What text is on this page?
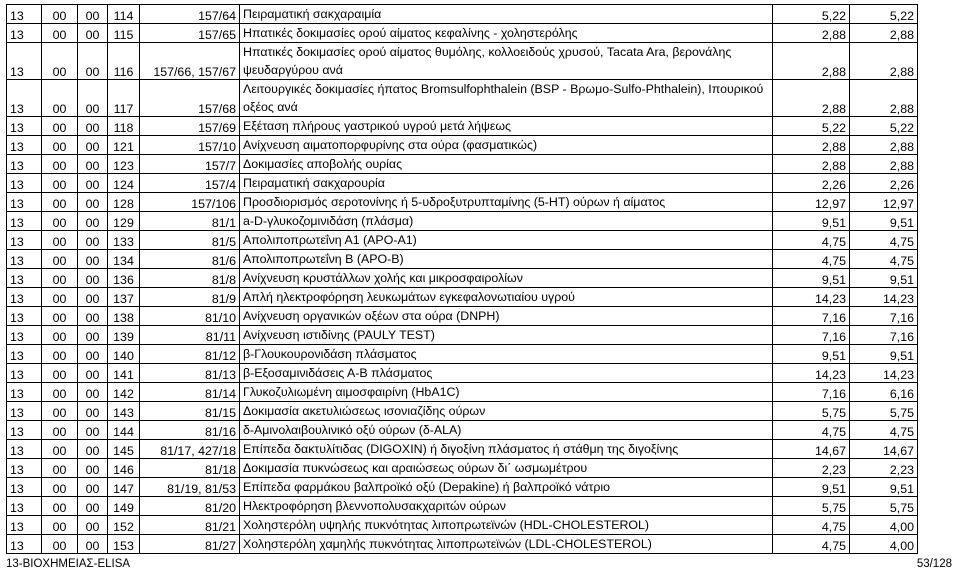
13	00	00	114	157/64	Πειραματική σακχαραιμία	5,22	5,22
13	00	00	115	157/65	Ηπατικές δοκιμασίες ορού αίματος κεφαλίνης - χοληστερόλης	2,88	2,88
13	00	00	116	157/66, 157/67	Ηπατικές δοκιμασίες ορού αίματος θυμόλης, κολλοειδούς χρυσού, Tacata Ara, βερονάλης ψευδαργύρου ανά	2,88	2,88
13	00	00	117	157/68	Λειτουργικές δοκιμασίες ήπατος Bromsulfophthalein (BSP - Βρωμο-Sulfo-Phthalein), Ιπουρικού οξέος ανά	2,88	2,88
13	00	00	118	157/69	Εξέταση πλήρους γαστρικού υγρού μετά λήψεως	5,22	5,22
13	00	00	121	157/10	Ανίχνευση αιματοπορφυρίνης στα ούρα (φασματικώς)	2,88	2,88
13	00	00	123	157/7	Δοκιμασίες αποβολής ουρίας	2,88	2,88
13	00	00	124	157/4	Πειραματική σακχαρουρία	2,26	2,26
13	00	00	128	157/106	Προσδιορισμός σεροτονίνης ή 5-υδροξυτρυπταμίνης (5-HT) ούρων ή αίματος	12,97	12,97
13	00	00	129	81/1	a-D-γλυκοζομινιδάση (πλάσμα)	9,51	9,51
13	00	00	133	81/5	Απολιποπρωτεΐνη Α1 (APO-A1)	4,75	4,75
13	00	00	134	81/6	Απολιποπρωτεΐνη Β (APO-B)	4,75	4,75
13	00	00	136	81/8	Ανίχνευση κρυστάλλων χολής και μικροσφαιρολίων	9,51	9,51
13	00	00	137	81/9	Απλή ηλεκτροφόρηση λευκωμάτων εγκεφαλονωτιαίου υγρού	14,23	14,23
13	00	00	138	81/10	Ανίχνευση οργανικών οξέων στα ούρα (DNPH)	7,16	7,16
13	00	00	139	81/11	Ανίχνευση ιστιδίνης (PAULY TEST)	7,16	7,16
13	00	00	140	81/12	β-Γλουκουρονιδάση πλάσματος	9,51	9,51
13	00	00	141	81/13	β-Εξοσαμινιδάσεις Α-Β πλάσματος	14,23	14,23
13	00	00	142	81/14	Γλυκοζυλιωμένη αιμοσφαιρίνη (HbA1C)	7,16	6,16
13	00	00	143	81/15	Δοκιμασία ακετυλιώσεως ισονιαζίδης ούρων	5,75	5,75
13	00	00	144	81/16	δ-Αμινολαιβουλινικό οξύ ούρων (δ-ALA)	4,75	4,75
13	00	00	145	81/17, 427/18	Επίπεδα δακτυλίτιδας (DIGOXIN) ή διγοξίνη πλάσματος ή στάθμη της διγοξίνης	14,67	14,67
13	00	00	146	81/18	Δοκιμασία πυκνώσεως και αραιώσεως ούρων δι΄ ωσμωμέτρου	2,23	2,23
13	00	00	147	81/19, 81/53	Επίπεδα φαρμάκου βαλπροϊκό οξύ (Depakine) ή βαλπροϊκό νάτριο	9,51	9,51
13	00	00	149	81/20	Ηλεκτροφόρηση βλεννοπολυσακχαριτών ούρων	5,75	5,75
13	00	00	152	81/21	Χοληστερόλη υψηλής πυκνότητας λιποπρωτεϊνών (HDL-CHOLESTEROL)	4,75	4,00
13	00	00	153	81/27	Χοληστερόλη χαμηλής πυκνότητας λιποπρωτεϊνών (LDL-CHOLESTEROL)	4,75	4,00
13-ΒΙΟΧΗΜΕΙΑΣ-ELISA	53/128
